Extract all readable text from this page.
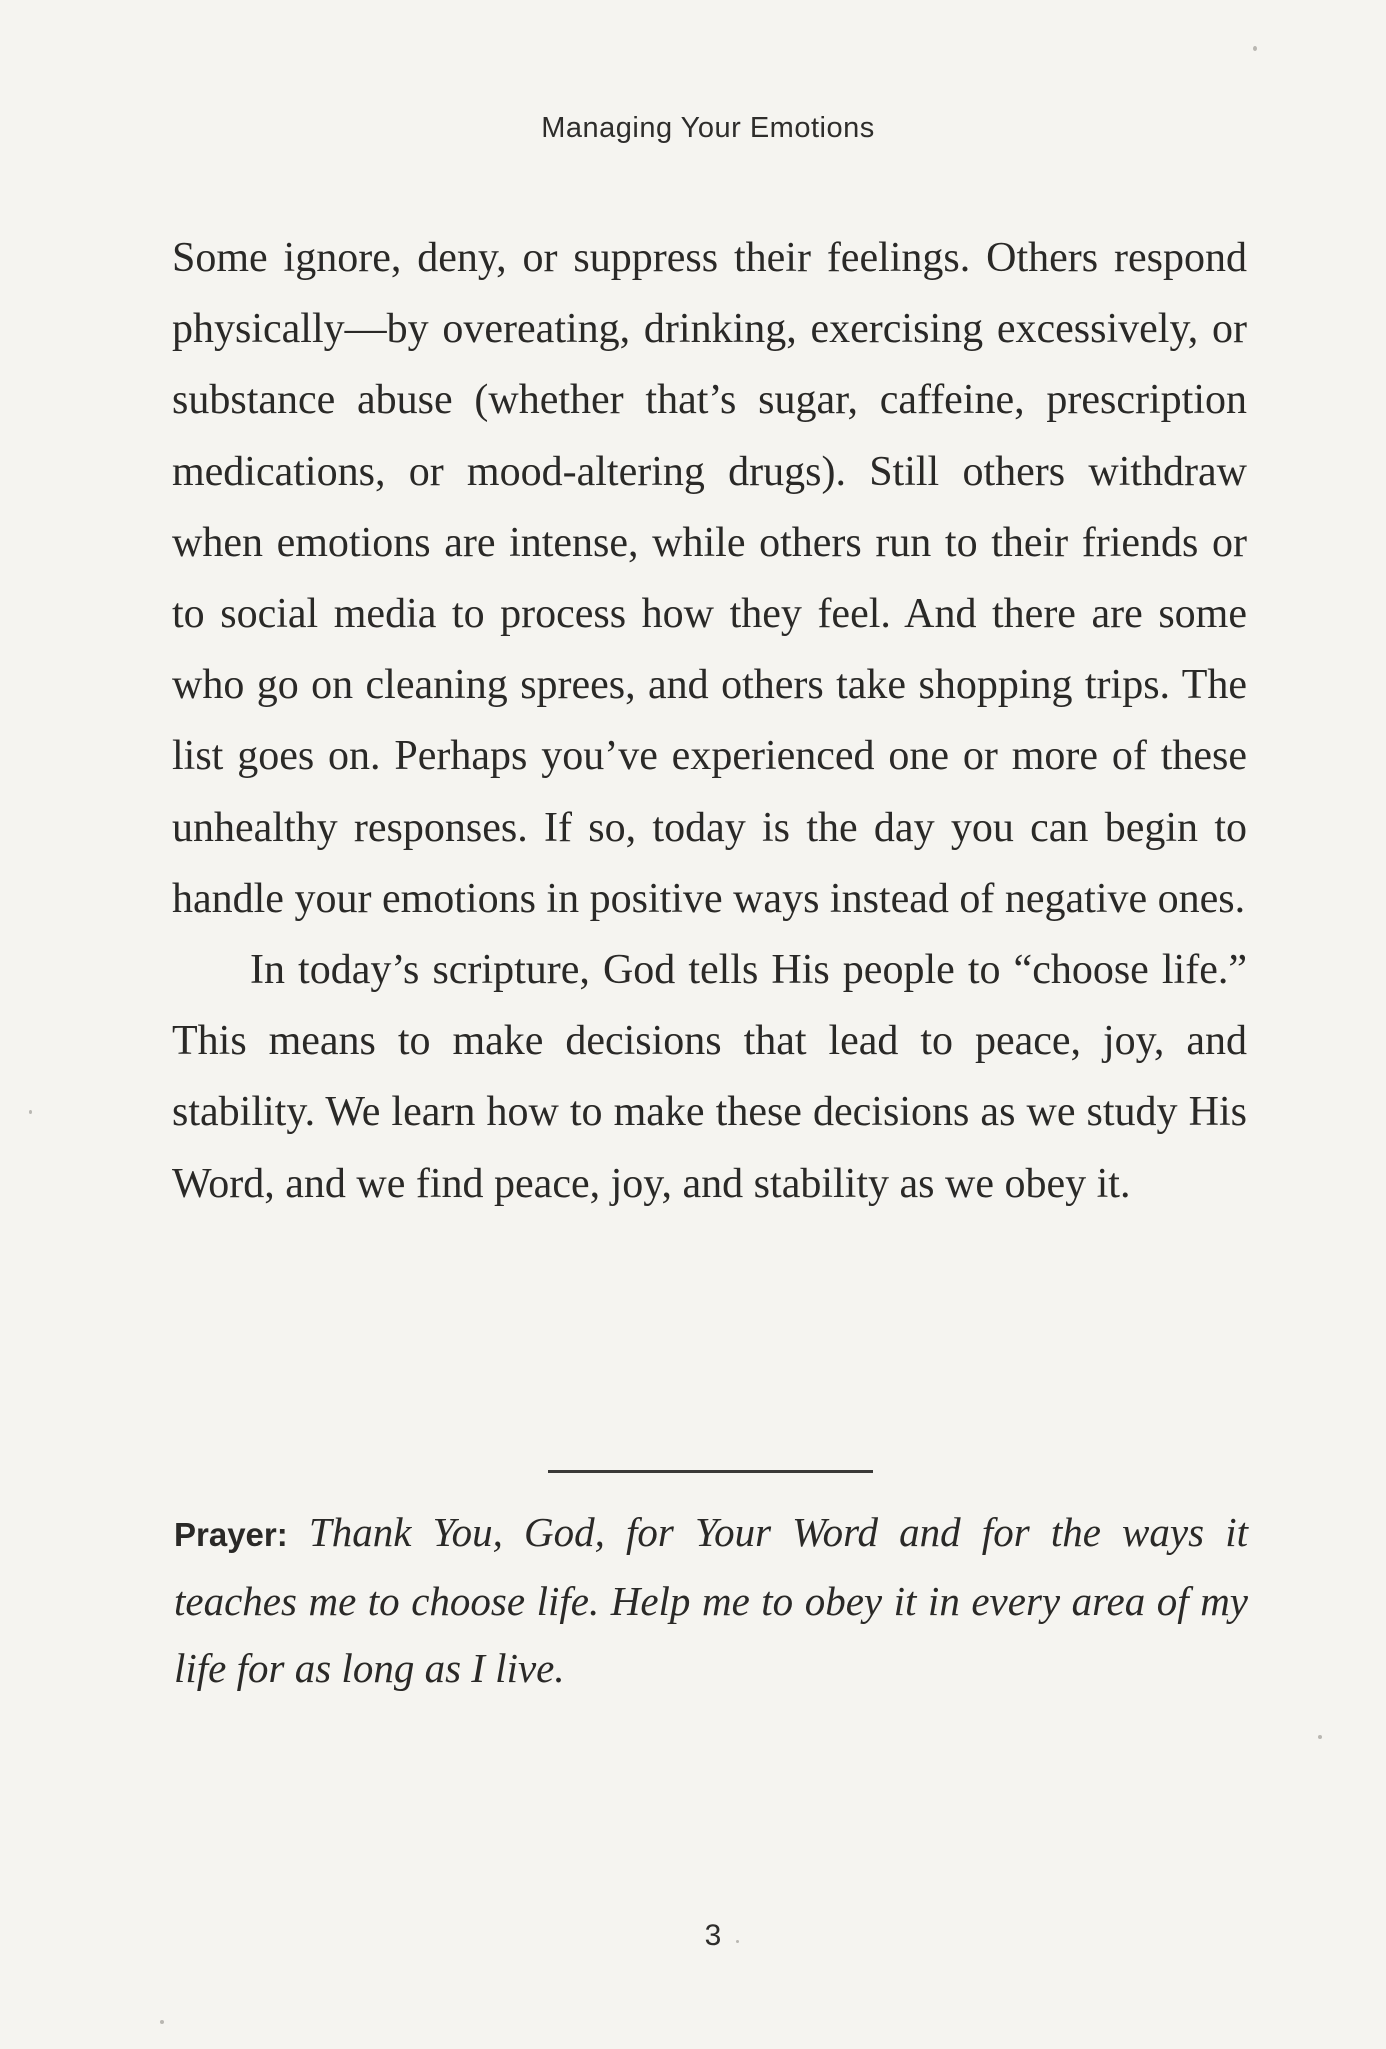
Managing Your Emotions

Some ignore, deny, or suppress their feelings. Others respond physically—by overeating, drinking, exercising excessively, or substance abuse (whether that’s sugar, caffeine, prescription medications, or mood-altering drugs). Still others withdraw when emotions are intense, while others run to their friends or to social media to process how they feel. And there are some who go on cleaning sprees, and others take shopping trips. The list goes on. Perhaps you’ve experienced one or more of these unhealthy responses. If so, today is the day you can begin to handle your emotions in positive ways instead of negative ones.

In today’s scripture, God tells His people to “choose life.” This means to make decisions that lead to peace, joy, and stability. We learn how to make these decisions as we study His Word, and we find peace, joy, and stability as we obey it.

Prayer: Thank You, God, for Your Word and for the ways it teaches me to choose life. Help me to obey it in every area of my life for as long as I live.

3
